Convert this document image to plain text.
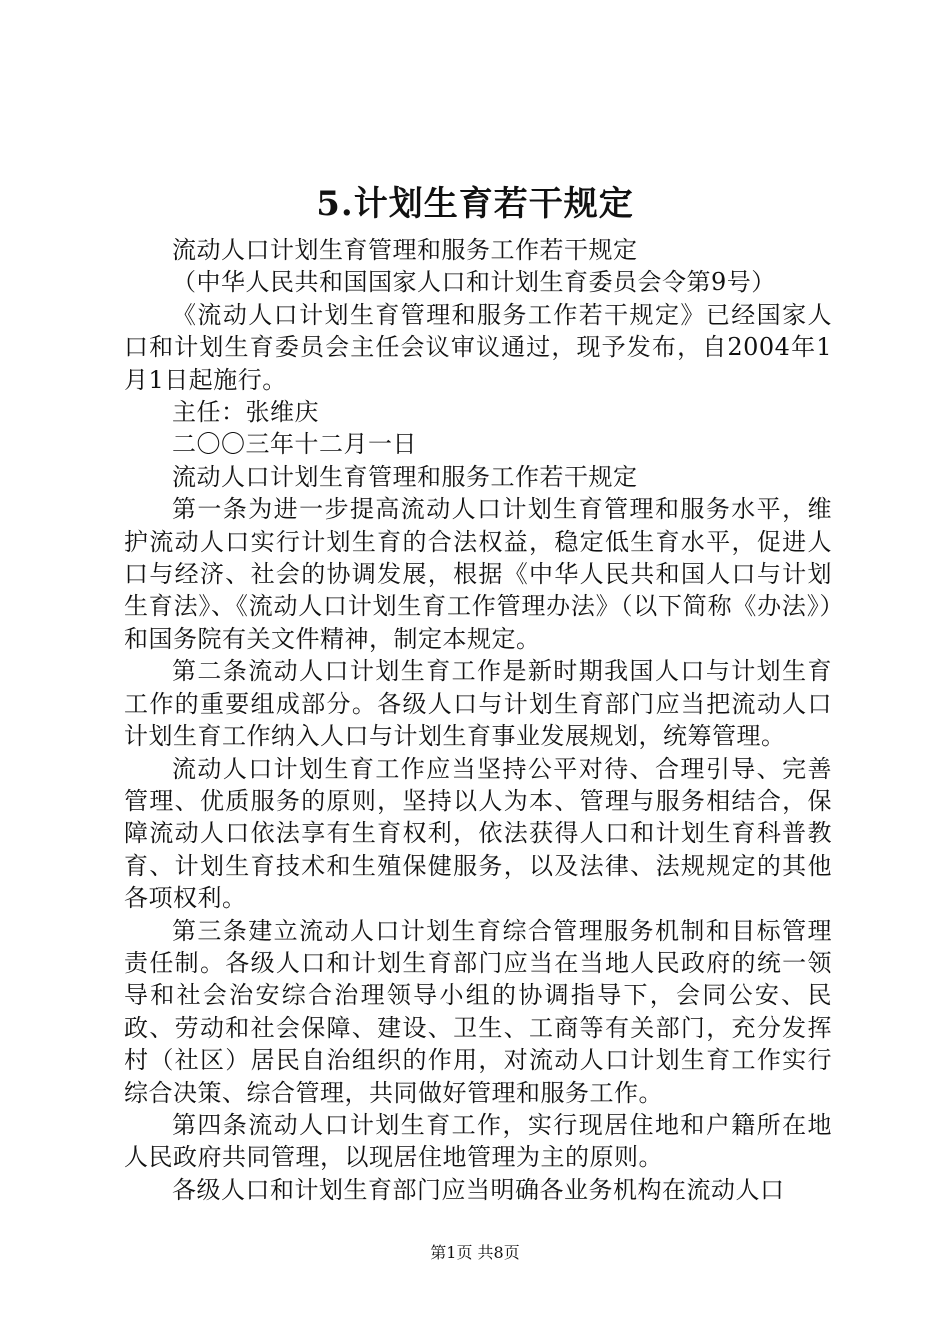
5.计划生育若干规定

流动人口计划生育管理和服务工作若干规定

（中华人民共和国国家人口和计划生育委员会令第9号）

《流动人口计划生育管理和服务工作若干规定》已经国家人口和计划生育委员会主任会议审议通过，现予发布，自2004年1月1日起施行。

主任：张维庆

二〇〇三年十二月一日

流动人口计划生育管理和服务工作若干规定

第一条为进一步提高流动人口计划生育管理和服务水平，维护流动人口实行计划生育的合法权益，稳定低生育水平，促进人口与经济、社会的协调发展，根据《中华人民共和国人口与计划生育法》、《流动人口计划生育工作管理办法》（以下简称《办法》）和国务院有关文件精神，制定本规定。

第二条流动人口计划生育工作是新时期我国人口与计划生育工作的重要组成部分。各级人口与计划生育部门应当把流动人口计划生育工作纳入人口与计划生育事业发展规划，统筹管理。

流动人口计划生育工作应当坚持公平对待、合理引导、完善管理、优质服务的原则，坚持以人为本、管理与服务相结合，保障流动人口依法享有生育权利，依法获得人口和计划生育科普教育、计划生育技术和生殖保健服务，以及法律、法规规定的其他各项权利。

第三条建立流动人口计划生育综合管理服务机制和目标管理责任制。各级人口和计划生育部门应当在当地人民政府的统一领导和社会治安综合治理领导小组的协调指导下，会同公安、民政、劳动和社会保障、建设、卫生、工商等有关部门，充分发挥村（社区）居民自治组织的作用，对流动人口计划生育工作实行综合决策、综合管理，共同做好管理和服务工作。

第四条流动人口计划生育工作，实行现居住地和户籍所在地人民政府共同管理，以现居住地管理为主的原则。

各级人口和计划生育部门应当明确各业务机构在流动人口

第1页 共8页
